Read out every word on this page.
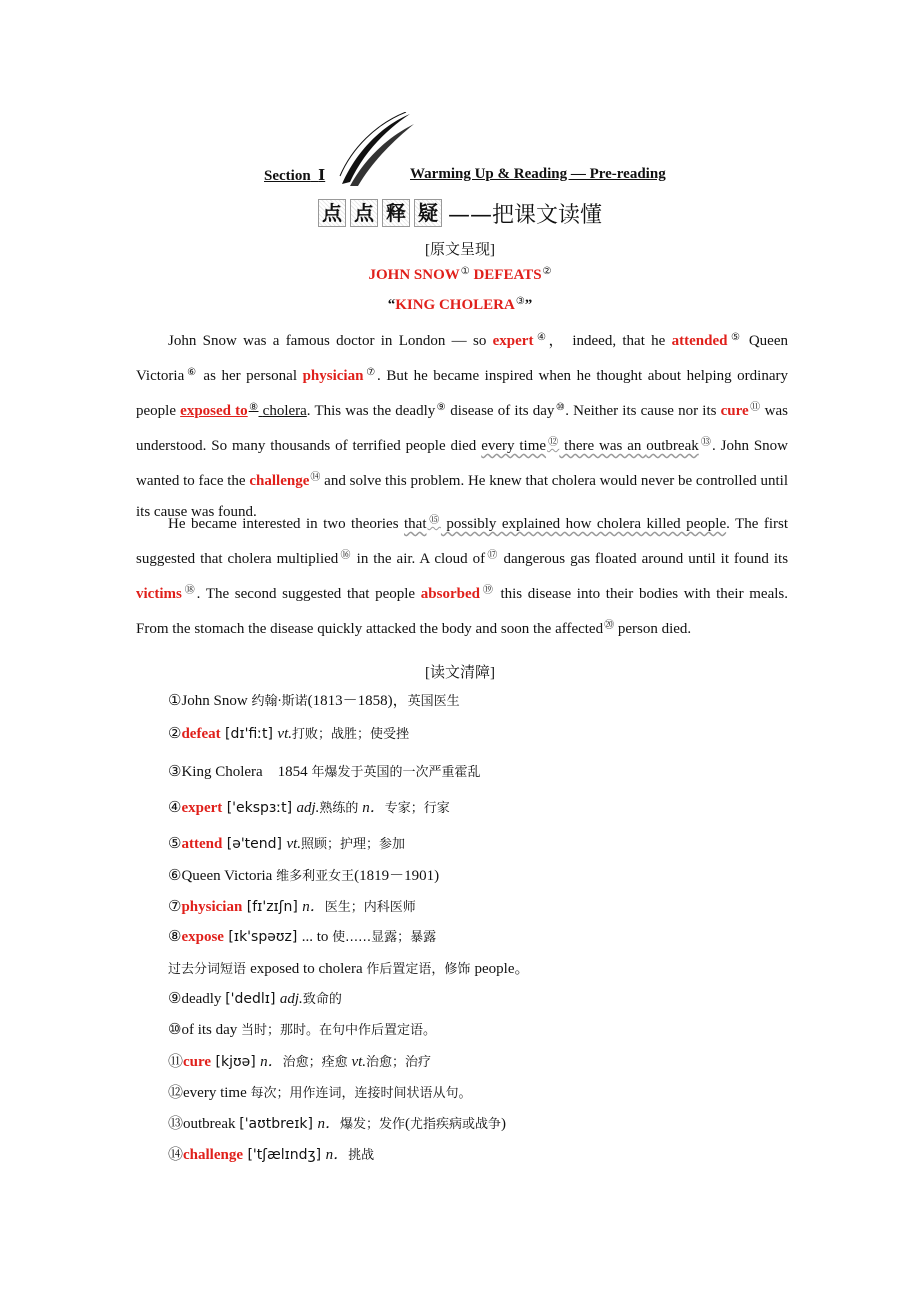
Section Ⅰ	Warming Up & Reading — Pre-reading
点 点 释 疑 ——把课文读懂
[原文呈现]
JOHN SNOW① DEFEATS②
“KING CHOLERA③”
John Snow was a famous doctor in London — so expert④， indeed, that he attended⑤ Queen Victoria⑥ as her personal physician⑦. But he became inspired when he thought about helping ordinary people exposed to⑧ cholera. This was the deadly⑨ disease of its day⑩. Neither its cause nor its cure⑪ was understood. So many thousands of terrified people died every time⑫ there was an outbreak⑬. John Snow wanted to face the challenge⑭ and solve this problem. He knew that cholera would never be controlled until its cause was found.
He became interested in two theories that⑮ possibly explained how cholera killed people. The first suggested that cholera multiplied⑯ in the air. A cloud of⑰ dangerous gas floated around until it found its victims⑱. The second suggested that people absorbed⑲ this disease into their bodies with their meals. From the stomach the disease quickly attacked the body and soon the affected⑳ person died.
[读文清障]
①John Snow 约翰·斯诺(1813－1858)，英国医生
②defeat [dɪ'fiːt] vt.打败；战胜；使受挫
③King Cholera　1854 年爆发于英国的一次严重霍乱
④expert ['ekspɜːt] adj.熟练的 n．专家；行家
⑤attend [ə'tend] vt.照顾；护理；参加
⑥Queen Victoria 维多利亚女王(1819－1901)
⑦physician [fɪ'zɪʃn] n．医生；内科医师
⑧expose [ɪk'spəʊz] ... to 使……显露；暴露
过去分词短语 exposed to cholera 作后置定语，修饰 people。
⑨deadly ['dedlɪ] adj.致命的
⑩of its day 当时；那时。在句中作后置定语。
⑪cure [kjʊə] n．治愈；痊愈 vt.治愈；治疗
⑫every time 每次；用作连词，连接时间状语从句。
⑬outbreak ['aʊtbreɪk] n．爆发；发作(尤指疾病或战争)
⑭challenge ['tʃælɪndʒ] n．挑战
